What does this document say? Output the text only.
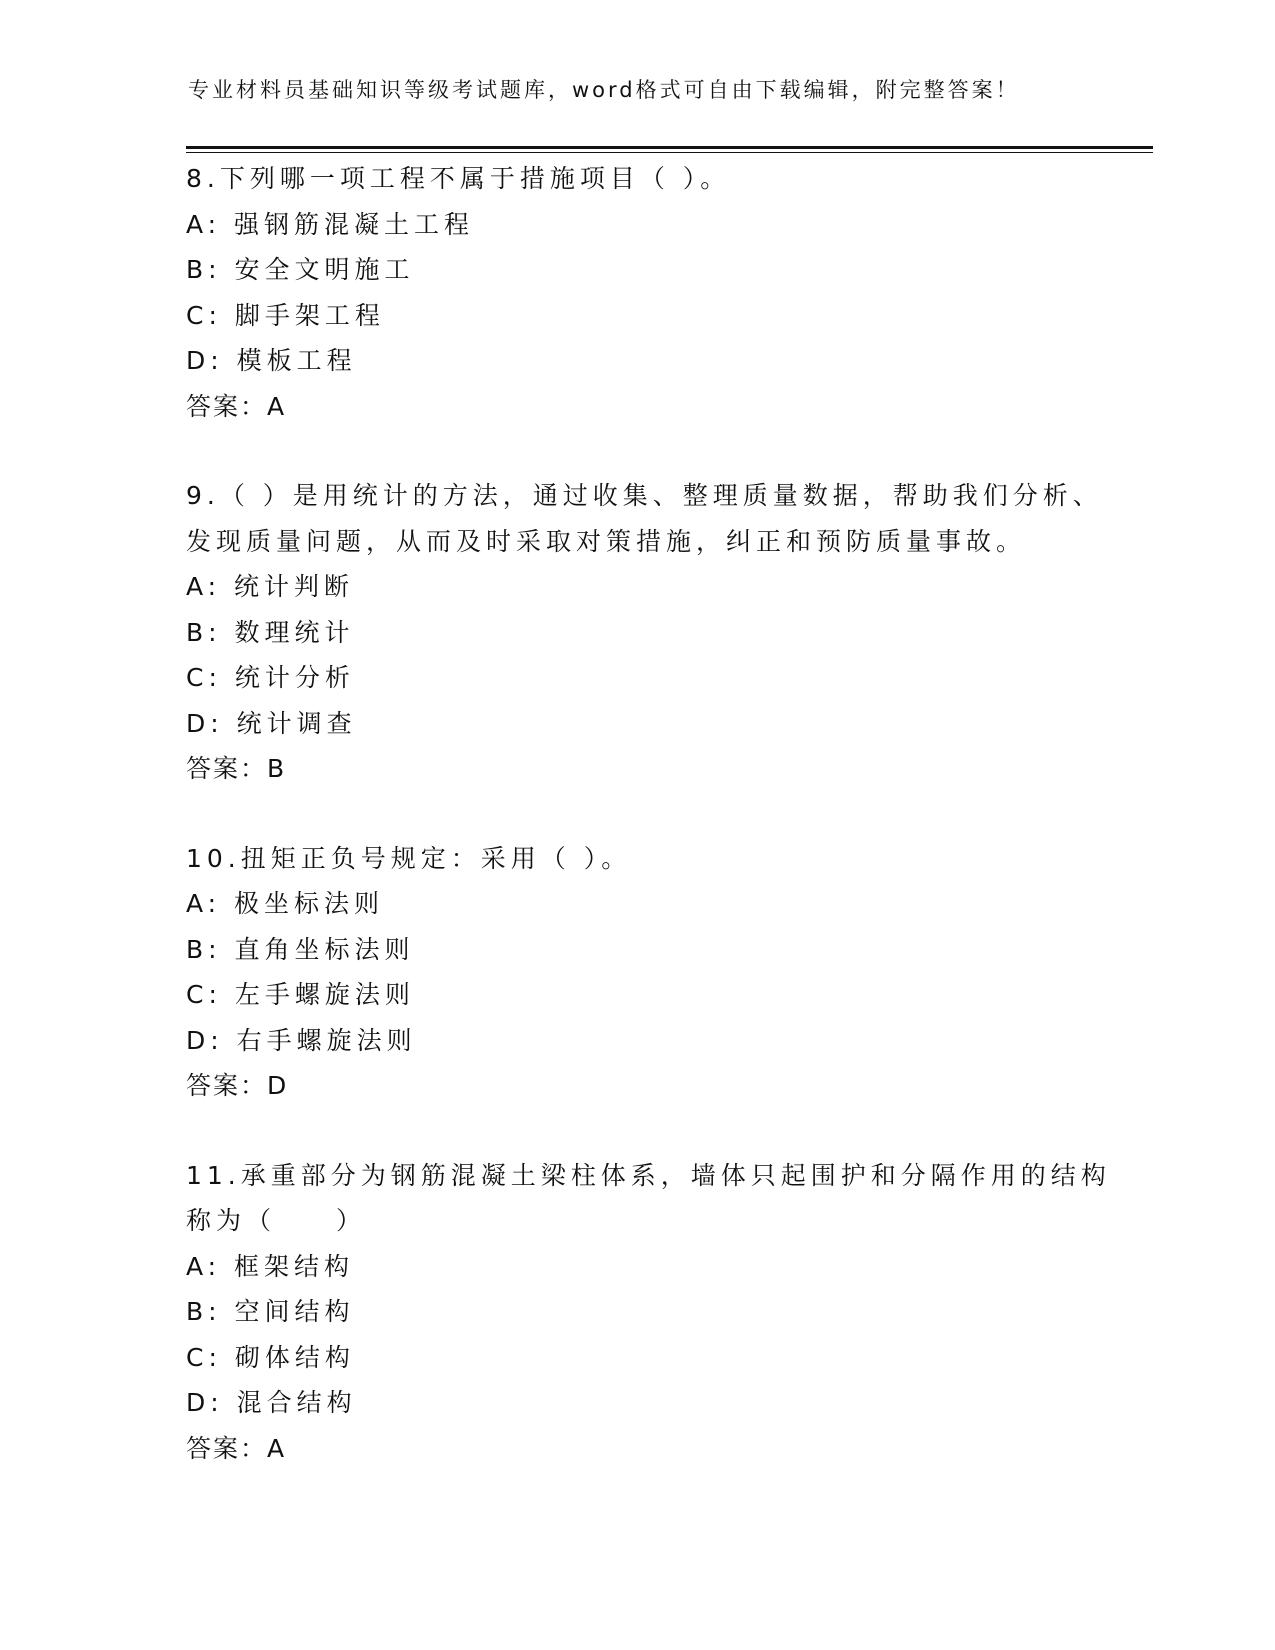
专业材料员基础知识等级考试题库，word格式可自由下载编辑，附完整答案！
8.下列哪一项工程不属于措施项目（ ）。
A: 强钢筋混凝土工程
B: 安全文明施工
C: 脚手架工程
D: 模板工程
答案：A
9.（ ）是用统计的方法，通过收集、整理质量数据，帮助我们分析、
发现质量问题，从而及时采取对策措施，纠正和预防质量事故。
A: 统计判断
B: 数理统计
C: 统计分析
D: 统计调查
答案：B
10.扭矩正负号规定：采用（ ）。
A: 极坐标法则
B: 直角坐标法则
C: 左手螺旋法则
D: 右手螺旋法则
答案：D
11.承重部分为钢筋混凝土梁柱体系，墙体只起围护和分隔作用的结构
称为（　　）
A: 框架结构
B: 空间结构
C: 砌体结构
D: 混合结构
答案：A
